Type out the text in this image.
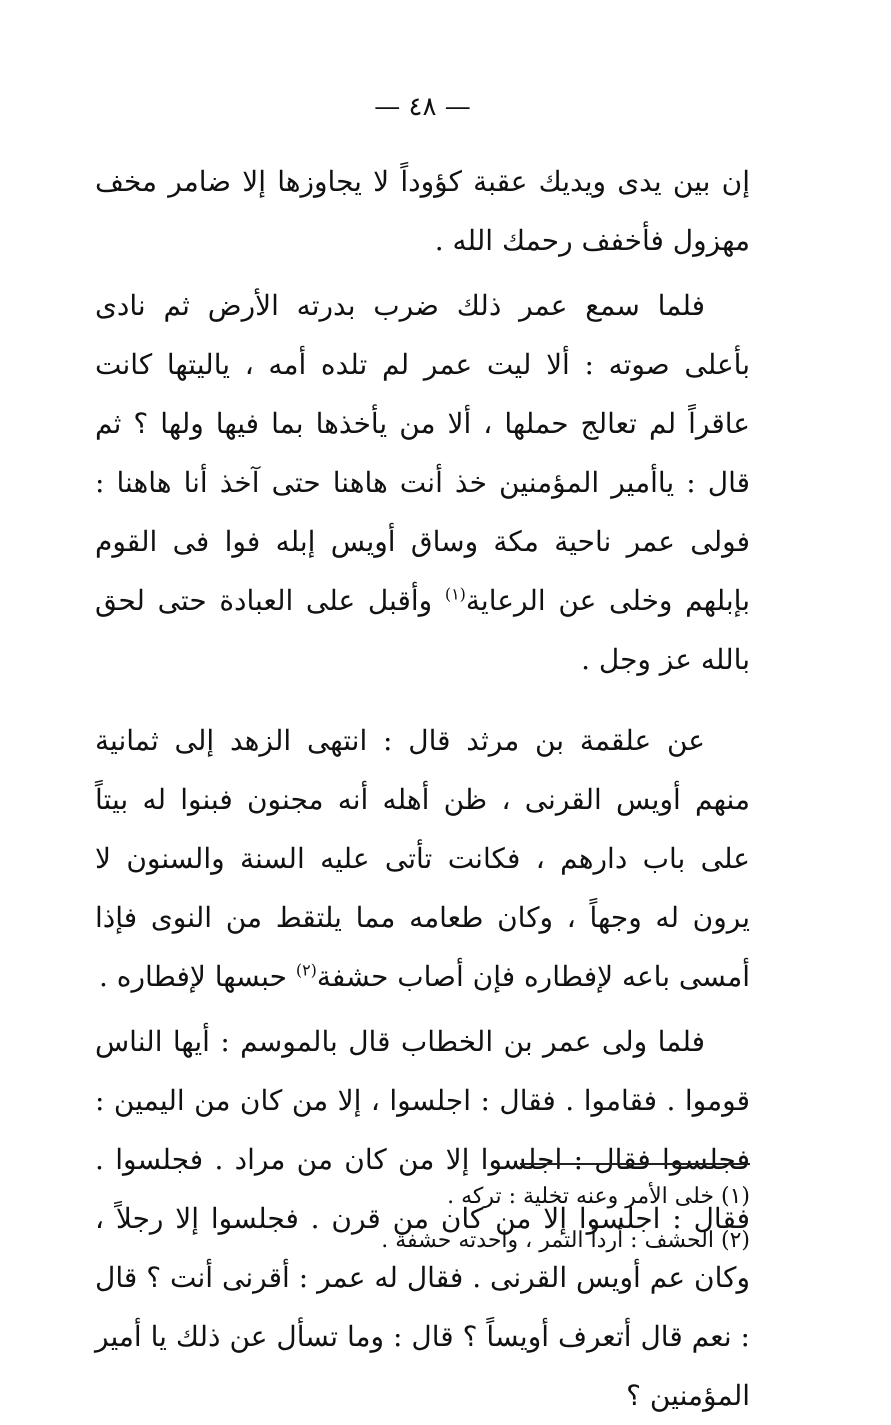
— ٤٨ —

إن بين يدى ويديك عقبة كؤوداً لا يجاوزها إلا ضامر مخف مهزول فأخفف رحمك الله .

فلما سمع عمر ذلك ضرب بدرته الأرض ثم نادى بأعلى صوته : ألا ليت عمر لم تلده أمه ، ياليتها كانت عاقراً لم تعالج حملها ، ألا من يأخذها بما فيها ولها ؟ ثم قال : ياأمير المؤمنين خذ أنت هاهنا حتى آخذ أنا هاهنا : فولى عمر ناحية مكة وساق أويس إبله فوا فى القوم بإبلهم وخلى عن الرعاية$^{(١)}$ وأقبل على العبادة حتى لحق بالله عز وجل .

عن علقمة بن مرثد قال : انتهى الزهد إلى ثمانية منهم أويس القرنى ، ظن أهله أنه مجنون فبنوا له بيتاً على باب دارهم ، فكانت تأتى عليه السنة والسنون لا يرون له وجهاً ، وكان طعامه مما يلتقط من النوى فإذا أمسى باعه لإفطاره فإن أصاب حشفة$^{(٢)}$ حبسها لإفطاره .

فلما ولى عمر بن الخطاب قال بالموسم : أيها الناس قوموا . فقاموا . فقال : اجلسوا ، إلا من كان من اليمين : فجلسوا فقال : اجلسوا إلا من كان من مراد . فجلسوا . فقال : اجلسوا إلا من كان من قرن . فجلسوا إلا رجلاً ، وكان عم أويس القرنى . فقال له عمر : أقرنى أنت ؟ قال : نعم قال أتعرف أويساً ؟ قال : وما تسأل عن ذلك يا أمير المؤمنين ؟

(١) خلى الأمر وعنه تخلية : تركه .

(٢) الحشف : أردأ التمر ، واحدته حشفة .
